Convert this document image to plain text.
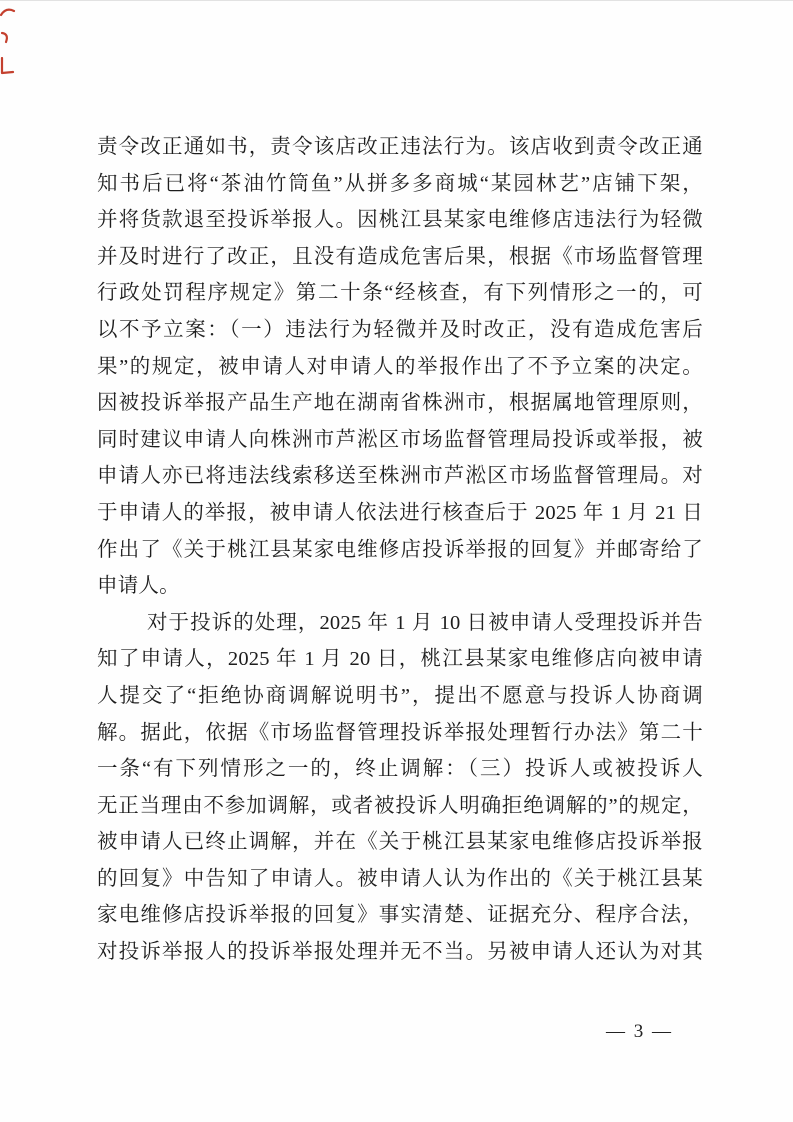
责令改正通如书，责令该店改正违法行为。该店收到责令改正通
知书后已将“茶油竹筒鱼”从拼多多商城“某园林艺”店铺下架，
并将货款退至投诉举报人。因桃江县某家电维修店违法行为轻微
并及时进行了改正，且没有造成危害后果，根据《市场监督管理
行政处罚程序规定》第二十条“经核查，有下列情形之一的，可
以不予立案：（一）违法行为轻微并及时改正，没有造成危害后
果”的规定，被申请人对申请人的举报作出了不予立案的决定。
因被投诉举报产品生产地在湖南省株洲市，根据属地管理原则，
同时建议申请人向株洲市芦淞区市场监督管理局投诉或举报，被
申请人亦已将违法线索移送至株洲市芦淞区市场监督管理局。对
于申请人的举报，被申请人依法进行核查后于 2025 年 1 月 21 日
作出了《关于桃江县某家电维修店投诉举报的回复》并邮寄给了
申请人。
对于投诉的处理，2025 年 1 月 10 日被申请人受理投诉并告
知了申请人，2025 年 1 月 20 日，桃江县某家电维修店向被申请
人提交了“拒绝协商调解说明书”，提出不愿意与投诉人协商调
解。据此，依据《市场监督管理投诉举报处理暂行办法》第二十
一条“有下列情形之一的，终止调解：（三）投诉人或被投诉人
无正当理由不参加调解，或者被投诉人明确拒绝调解的”的规定，
被申请人已终止调解，并在《关于桃江县某家电维修店投诉举报
的回复》中告知了申请人。被申请人认为作出的《关于桃江县某
家电维修店投诉举报的回复》事实清楚、证据充分、程序合法，
对投诉举报人的投诉举报处理并无不当。另被申请人还认为对其
— 3 —
